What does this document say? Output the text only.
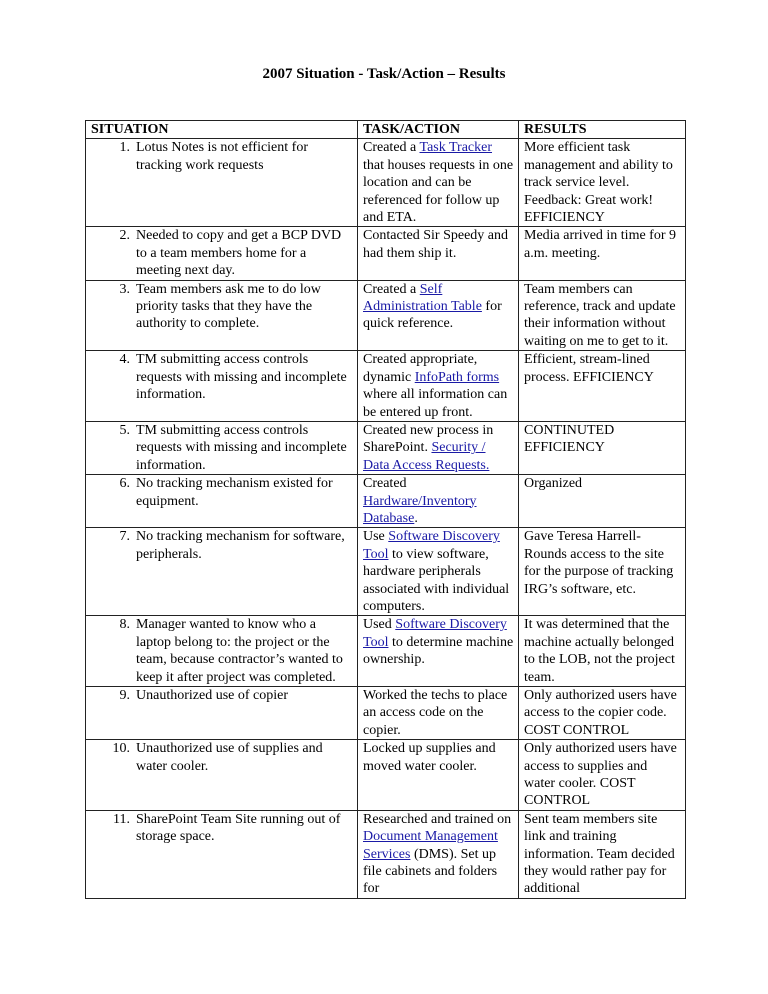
2007 Situation - Task/Action – Results
SITUATION	TASK/ACTION	RESULTS

1. Lotus Notes is not efficient for tracking work requests	Created a Task Tracker that houses requests in one location and can be referenced for follow up and ETA.	More efficient task management and ability to track service level. Feedback: Great work! EFFICIENCY

2. Needed to copy and get a BCP DVD to a team members home for a meeting next day.	Contacted Sir Speedy and had them ship it.	Media arrived in time for 9 a.m. meeting.

3. Team members ask me to do low priority tasks that they have the authority to complete.	Created a Self Administration Table for quick reference.	Team members can reference, track and update their information without waiting on me to get to it.

4. TM submitting access controls requests with missing and incomplete information.	Created appropriate, dynamic InfoPath forms where all information can be entered up front.	Efficient, stream-lined process. EFFICIENCY

5. TM submitting access controls requests with missing and incomplete information.	Created new process in SharePoint. Security / Data Access Requests.	CONTINUTED EFFICIENCY

6. No tracking mechanism existed for equipment.	Created Hardware/Inventory Database.	Organized

7. No tracking mechanism for software, peripherals.	Use Software Discovery Tool to view software, hardware peripherals associated with individual computers.	Gave Teresa Harrell-Rounds access to the site for the purpose of tracking IRG’s software, etc.

8. Manager wanted to know who a laptop belong to: the project or the team, because contractor’s wanted to keep it after project was completed.	Used Software Discovery Tool to determine machine ownership.	It was determined that the machine actually belonged to the LOB, not the project team.

9. Unauthorized use of copier	Worked the techs to place an access code on the copier.	Only authorized users have access to the copier code. COST CONTROL

10. Unauthorized use of supplies and water cooler.	Locked up supplies and moved water cooler.	Only authorized users have access to supplies and water cooler. COST CONTROL

11. SharePoint Team Site running out of storage space.	Researched and trained on Document Management Services (DMS). Set up file cabinets and folders for	Sent team members site link and training information. Team decided they would rather pay for additional
